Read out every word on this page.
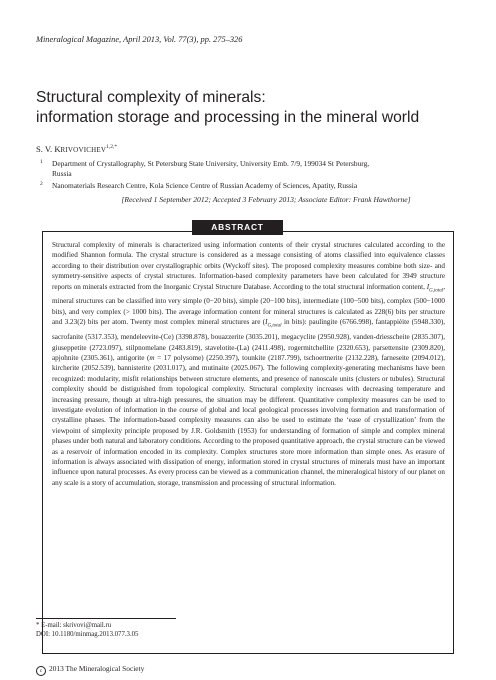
Mineralogical Magazine, April 2013, Vol. 77(3), pp. 275–326
Structural complexity of minerals:
information storage and processing in the mineral world
S. V. $KRIVOVICHEV^{1,2,*}$
1 Department of Crystallography, St Petersburg State University, University Emb. 7/9, 199034 St Petersburg,
Russia
2 Nanomaterials Research Centre, Kola Science Centre of Russian Academy of Sciences, Apatity, Russia
[Received 1 September 2012; Accepted 3 February 2013; Associate Editor: Frank Hawthorne]
ABSTRACT

Structural complexity of minerals is characterized using information contents of their crystal structures calculated according to the modified Shannon formula. The crystal structure is considered as a message consisting of atoms classified into equivalence classes according to their distribution over crystallographic orbits (Wyckoff sites). The proposed complexity measures combine both size- and symmetry-sensitive aspects of crystal structures. Information-based complexity parameters have been calculated for 3949 structure reports on minerals extracted from the Inorganic Crystal Structure Database. According to the total structural information content, $I_{G,total}$, mineral structures can be classified into very simple (0−20 bits), simple (20−100 bits), intermediate (100−500 bits), complex (500−1000 bits), and very complex (> 1000 bits). The average information content for mineral structures is calculated as 228(6) bits per structure and 3.23(2) bits per atom. Twenty most complex mineral structures are ($I_{G,total}$ in bits): paulingite (6766.998), fantappièite (5948.330), sacrofanite (5317.353), mendeleevite-(Ce) (3398.878), bouazzerite (3035.201), megacyclite (2950.928), vanden-driesscheite (2835.307), giuseppetite (2723.097), stilpnomelane (2483.819), stavelotite-(La) (2411.498), rogermitchellite (2320.653), parsettensite (2309.820), apjohnite (2305.361), antigorite (m = 17 polysome) (2250.397), tounkite (2187.799), tschoertnerite (2132.228), farneseite (2094.012), kircherite (2052.539), bannisterite (2031.017), and mutinaite (2025.067). The following complexity-generating mechanisms have been recognized: modularity, misfit relationships between structure elements, and presence of nanoscale units (clusters or tubules). Structural complexity should be distiguished from topological complexity. Structural complexity increases with decreasing temperature and increasing pressure, though at ultra-high pressures, the situation may be different. Quantitative complexity measures can be used to investigate evolution of information in the course of global and local geological processes involving formation and transformation of crystalline phases. The information-based complexity measures can also be used to estimate the ‘ease of crystallization’ from the viewpoint of simplexity principle proposed by J.R. Goldsmith (1953) for understanding of formation of simple and complex mineral phases under both natural and laboratory conditions. According to the proposed quantitative approach, the crystal structure can be viewed as a reservoir of information encoded in its complexity. Complex structures store more information than simple ones. As erasure of information is always associated with dissipation of energy, information stored in crystal structures of minerals must have an important influence upon natural processes. As every process can be viewed as a communication channel, the mineralogical history of our planet on any scale is a story of accumulation, storage, transmission and processing of structural information.

* E-mail: skrivovi@mail.ru
DOI: 10.1180/minmag.2013.077.3.05
c 2013 The Mineralogical Society
